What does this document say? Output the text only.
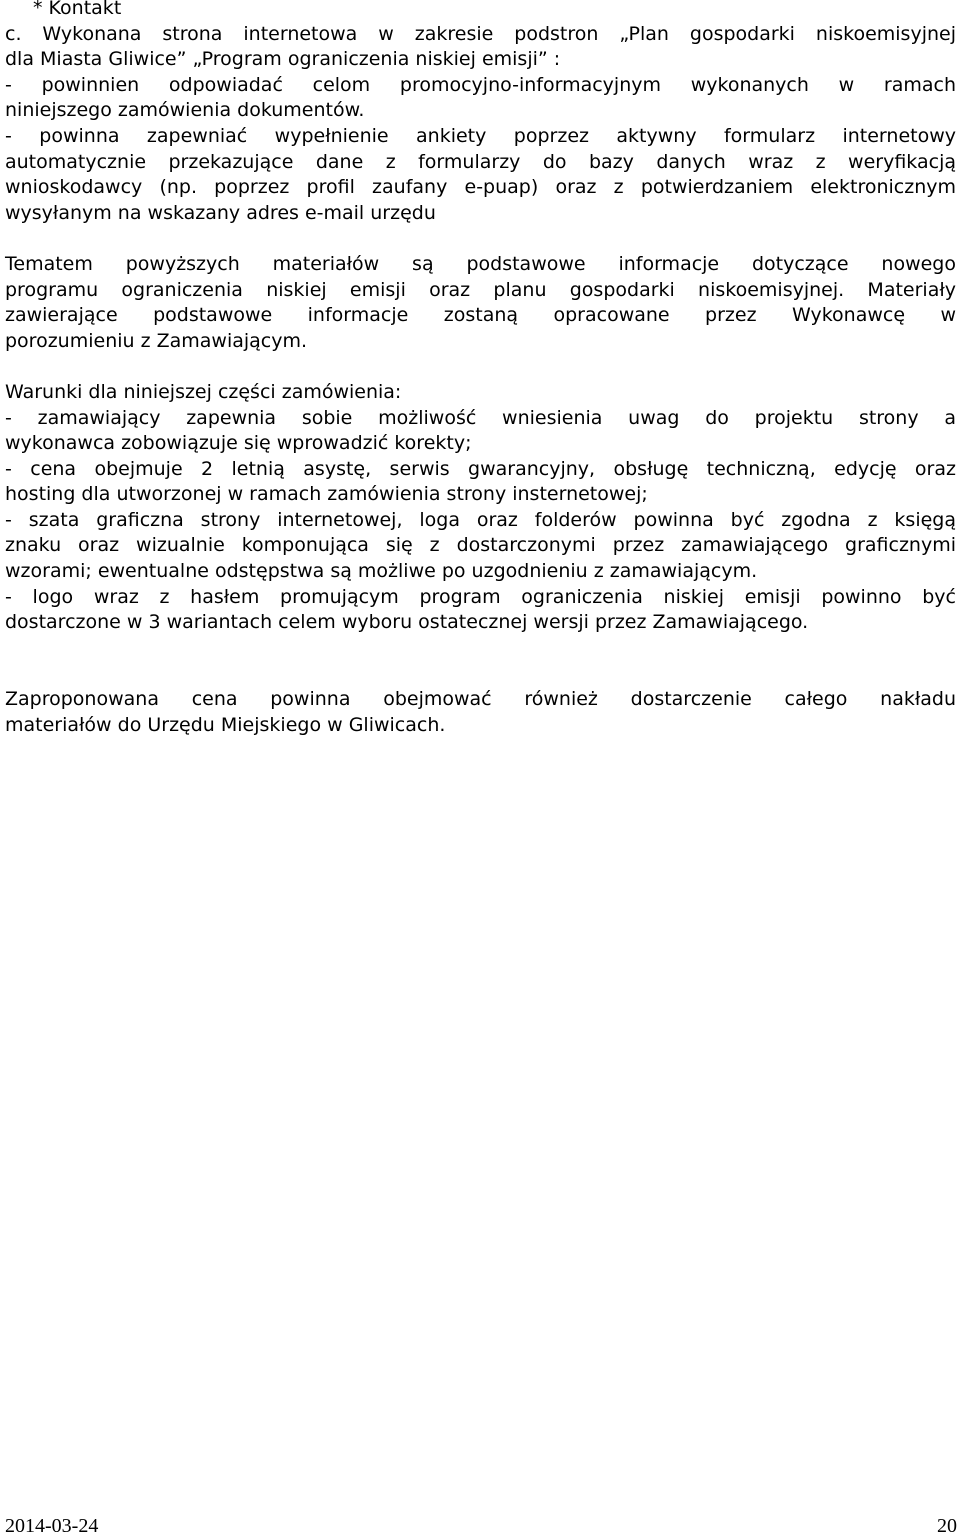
* Kontakt
c. Wykonana strona internetowa w zakresie podstron „Plan gospodarki niskoemisyjnej
dla Miasta Gliwice” „Program ograniczenia niskiej emisji” :
- powinnien odpowiadać celom promocyjno-informacyjnym wykonanych w ramach
niniejszego zamówienia dokumentów.
- powinna zapewniać wypełnienie ankiety poprzez aktywny formularz internetowy
automatycznie przekazujące dane z formularzy do bazy danych wraz z weryfikacją
wnioskodawcy (np. poprzez profil zaufany e-puap) oraz z potwierdzaniem elektronicznym
wysyłanym na wskazany adres e-mail urzędu
Tematem powyższych materiałów są podstawowe informacje dotyczące nowego
programu ograniczenia niskiej emisji oraz planu gospodarki niskoemisyjnej. Materiały
zawierające podstawowe informacje zostaną opracowane przez Wykonawcę w
porozumieniu z Zamawiającym.
Warunki dla niniejszej części zamówienia:
- zamawiający zapewnia sobie możliwość wniesienia uwag do projektu strony a
wykonawca zobowiązuje się wprowadzić korekty;
- cena obejmuje 2 letnią asystę, serwis gwarancyjny, obsługę techniczną, edycję oraz
hosting dla utworzonej w ramach zamówienia strony insternetowej;
- szata graficzna strony internetowej, loga oraz folderów powinna być zgodna z księgą
znaku oraz wizualnie komponująca się z dostarczonymi przez zamawiającego graficznymi
wzorami; ewentualne odstępstwa są możliwe po uzgodnieniu z zamawiającym.
- logo wraz z hasłem promującym program ograniczenia niskiej emisji powinno być
dostarczone w 3 wariantach celem wyboru ostatecznej wersji przez Zamawiającego.
Zaproponowana cena powinna obejmować również dostarczenie całego nakładu
materiałów do Urzędu Miejskiego w Gliwicach.
2014-03-24	20
